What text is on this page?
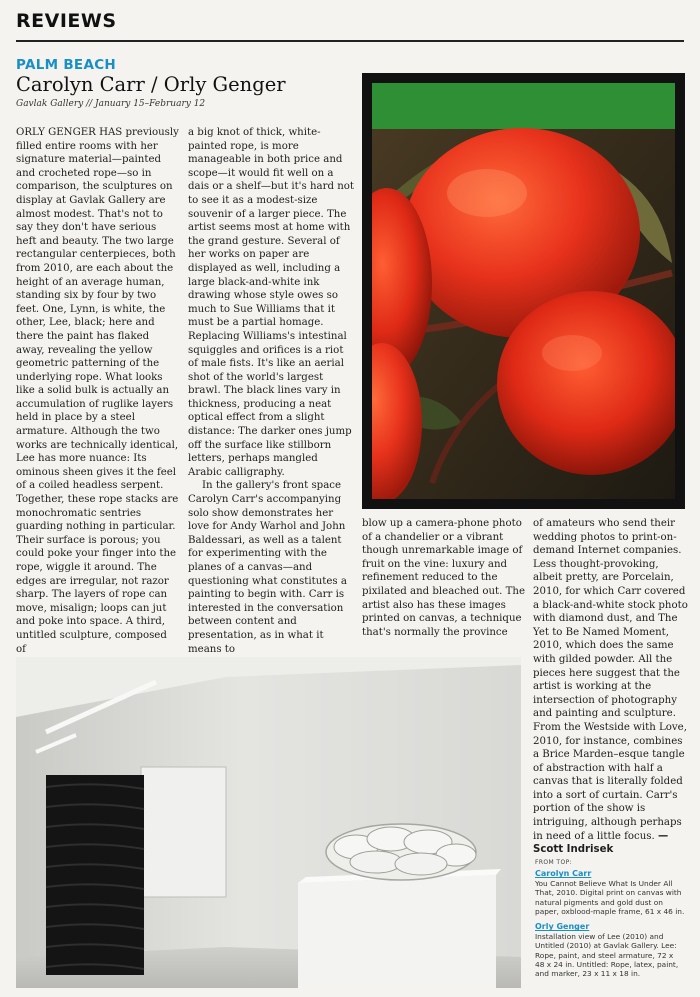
REVIEWS
PALM BEACH
Carolyn Carr / Orly Genger
Gavlak Gallery // January 15–February 12

ORLY GENGER HAS previously filled entire rooms with her signature material—painted and crocheted rope—so in comparison, the sculptures on display at Gavlak Gallery are almost modest. That's not to say they don't have serious heft and beauty. The two large rectangular centerpieces, both from 2010, are each about the height of an average human, standing six by four by two feet. One, Lynn, is white, the other, Lee, black; here and there the paint has flaked away, revealing the yellow geometric patterning of the underlying rope. What looks like a solid bulk is actually an accumulation of ruglike layers held in place by a steel armature. Although the two works are technically identical, Lee has more nuance: Its ominous sheen gives it the feel of a coiled headless serpent. Together, these rope stacks are monochromatic sentries guarding nothing in particular. Their surface is porous; you could poke your finger into the rope, wiggle it around. The edges are irregular, not razor sharp. The layers of rope can move, misalign; loops can jut and poke into space. A third, untitled sculpture, composed of

a big knot of thick, white-painted rope, is more manageable in both price and scope—it would fit well on a dais or a shelf—but it's hard not to see it as a modest-size souvenir of a larger piece. The artist seems most at home with the grand gesture. Several of her works on paper are displayed as well, including a large black-and-white ink drawing whose style owes so much to Sue Williams that it must be a partial homage. Replacing Williams's intestinal squiggles and orifices is a riot of male fists. It's like an aerial shot of the world's largest brawl. The black lines vary in thickness, producing a neat optical effect from a slight distance: The darker ones jump off the surface like stillborn letters, perhaps mangled Arabic calligraphy.

In the gallery's front space Carolyn Carr's accompanying solo show demonstrates her love for Andy Warhol and John Baldessari, as well as a talent for experimenting with the planes of a canvas—and questioning what constitutes a painting to begin with. Carr is interested in the conversation between content and presentation, as in what it means to

blow up a camera-phone photo of a chandelier or a vibrant though unremarkable image of fruit on the vine: luxury and refinement reduced to the pixilated and bleached out. The artist also has these images printed on canvas, a technique that's normally the province

of amateurs who send their wedding photos to print-on-demand Internet companies. Less thought-provoking, albeit pretty, are Porcelain, 2010, for which Carr covered a black-and-white stock photo with diamond dust, and The Yet to Be Named Moment, 2010, which does the same with gilded powder. All the pieces here suggest that the artist is working at the intersection of photography and painting and sculpture. From the Westside with Love, 2010, for instance, combines a Brice Marden–esque tangle of abstraction with half a canvas that is literally folded into a sort of curtain. Carr's portion of the show is intriguing, although perhaps in need of a little focus. —Scott Indrisek

FROM TOP:
Carolyn Carr
You Cannot Believe What Is Under All That, 2010. Digital print on canvas with natural pigments and gold dust on paper, oxblood-maple frame, 61 x 46 in.
Orly Genger
Installation view of Lee (2010) and Untitled (2010) at Gavlak Gallery. Lee: Rope, paint, and steel armature, 72 x 48 x 24 in. Untitled: Rope, latex, paint, and marker, 23 x 11 x 18 in.
